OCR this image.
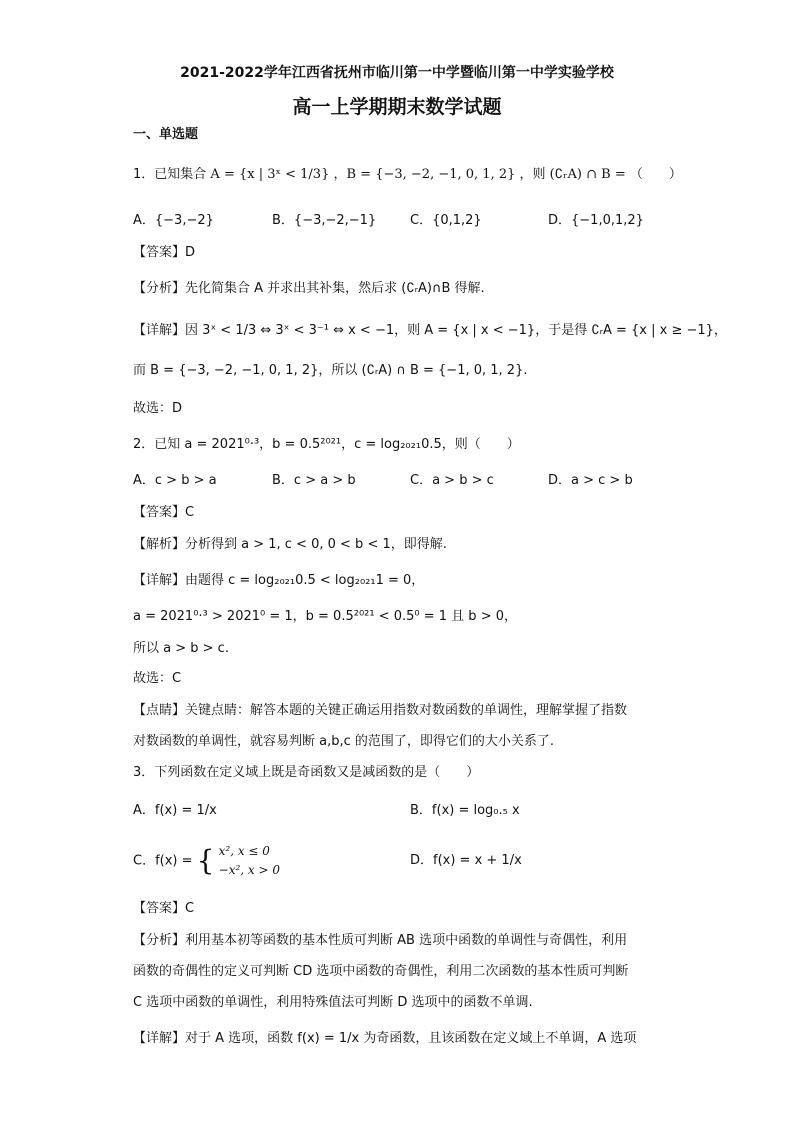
2021-2022学年江西省抚州市临川第一中学暨临川第一中学实验学校
高一上学期期末数学试题
一、单选题
1．已知集合 A = {x | 3ˣ < 1/3} ，B = {−3, −2, −1, 0, 1, 2} ，则 (∁ᵣA) ∩ B = （　　）
A．{−3,−2}	B．{−3,−2,−1}	C．{0,1,2}	D．{−1,0,1,2}
【答案】D
【分析】先化简集合 A 并求出其补集，然后求 (∁ᵣA)∩B 得解.
【详解】因 3ˣ < 1/3 ⇔ 3ˣ < 3⁻¹ ⇔ x < −1，则 A = {x | x < −1}，于是得 ∁ᵣA = {x | x ≥ −1}，
而 B = {−3, −2, −1, 0, 1, 2}，所以 (∁ᵣA) ∩ B = {−1, 0, 1, 2}.
故选：D
2．已知 a = 2021⁰·³，b = 0.5²⁰²¹，c = log₂₀₂₁0.5，则（　　）
A．c > b > a	B．c > a > b	C．a > b > c	D．a > c > b
【答案】C
【解析】分析得到 a > 1, c < 0, 0 < b < 1，即得解.
【详解】由题得 c = log₂₀₂₁0.5 < log₂₀₂₁1 = 0，
a = 2021⁰·³ > 2021⁰ = 1，b = 0.5²⁰²¹ < 0.5⁰ = 1 且 b > 0，
所以 a > b > c.
故选：C
【点睛】关键点睛：解答本题的关键正确运用指数对数函数的单调性，理解掌握了指数
对数函数的单调性，就容易判断 a,b,c 的范围了，即得它们的大小关系了.
3．下列函数在定义域上既是奇函数又是减函数的是（　　）
A．f(x) = 1/x	B．f(x) = log₀.₅ x
C．f(x) = { x², x ≤ 0
−x², x > 0
D．f(x) = x + 1/x
【答案】C
【分析】利用基本初等函数的基本性质可判断 AB 选项中函数的单调性与奇偶性，利用
函数的奇偶性的定义可判断 CD 选项中函数的奇偶性，利用二次函数的基本性质可判断
C 选项中函数的单调性，利用特殊值法可判断 D 选项中的函数不单调.
【详解】对于 A 选项，函数 f(x) = 1/x 为奇函数，且该函数在定义域上不单调，A 选项
